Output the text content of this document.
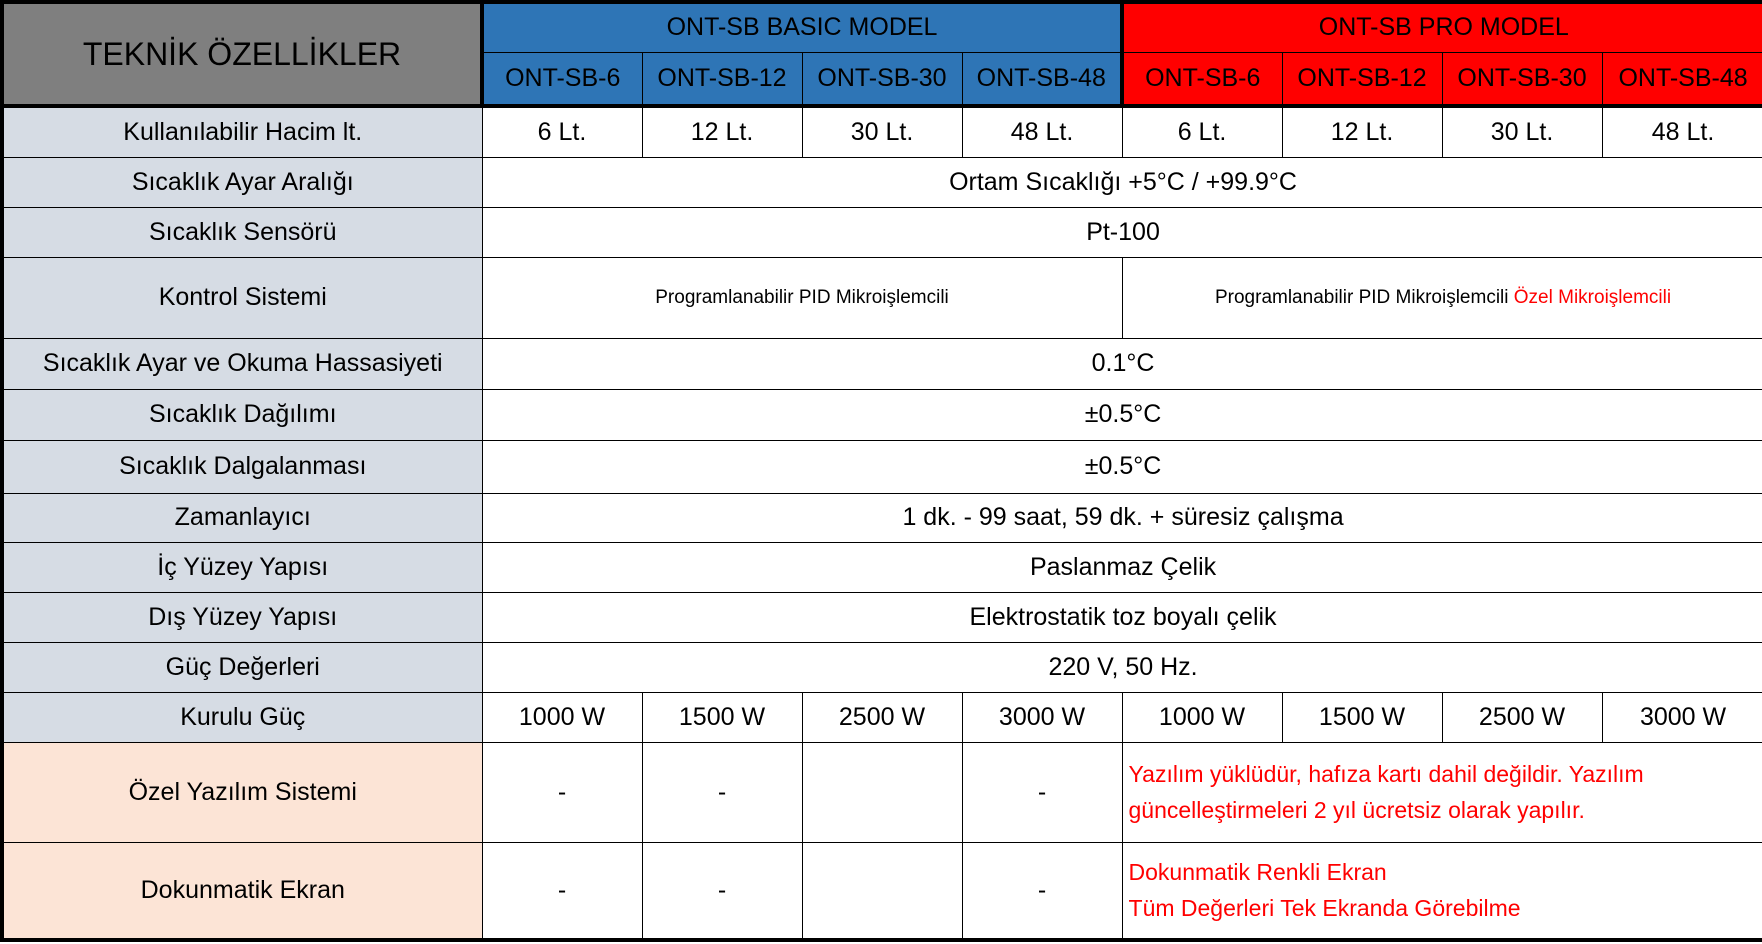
TEKNİK ÖZELLİKLER	ONT-SB BASIC MODEL				ONT-SB PRO MODEL			
	ONT-SB-6	ONT-SB-12	ONT-SB-30	ONT-SB-48	ONT-SB-6	ONT-SB-12	ONT-SB-30	ONT-SB-48
Kullanılabilir Hacim lt.	6 Lt.	12 Lt.	30 Lt.	48 Lt.	6 Lt.	12 Lt.	30 Lt.	48 Lt.
Sıcaklık Ayar Aralığı	Ortam Sıcaklığı +5°C / +99.9°C							
Sıcaklık Sensörü	Pt-100							
Kontrol Sistemi	Programlanabilir PID Mikroişlemcili				Programlanabilir PID Mikroişlemcili Özel Mikroişlemcili			
Sıcaklık Ayar ve Okuma Hassasiyeti	0.1°C							
Sıcaklık Dağılımı	±0.5°C							
Sıcaklık Dalgalanması	±0.5°C							
Zamanlayıcı	1 dk. - 99 saat, 59 dk. + süresiz çalışma							
İç Yüzey Yapısı	Paslanmaz Çelik							
Dış Yüzey Yapısı	Elektrostatik toz boyalı çelik							
Güç Değerleri	220 V, 50 Hz.							
Kurulu Güç	1000 W	1500 W	2500 W	3000 W	1000 W	1500 W	2500 W	3000 W
Özel Yazılım Sistemi	-	-		-	Yazılım yüklüdür, hafıza kartı dahil değildir. Yazılım
güncelleştirmeleri 2 yıl ücretsiz olarak yapılır.			

Dokunmatik Ekran	-	-		-	Dokunmatik Renkli Ekran
Tüm Değerleri Tek Ekranda Görebilme			
